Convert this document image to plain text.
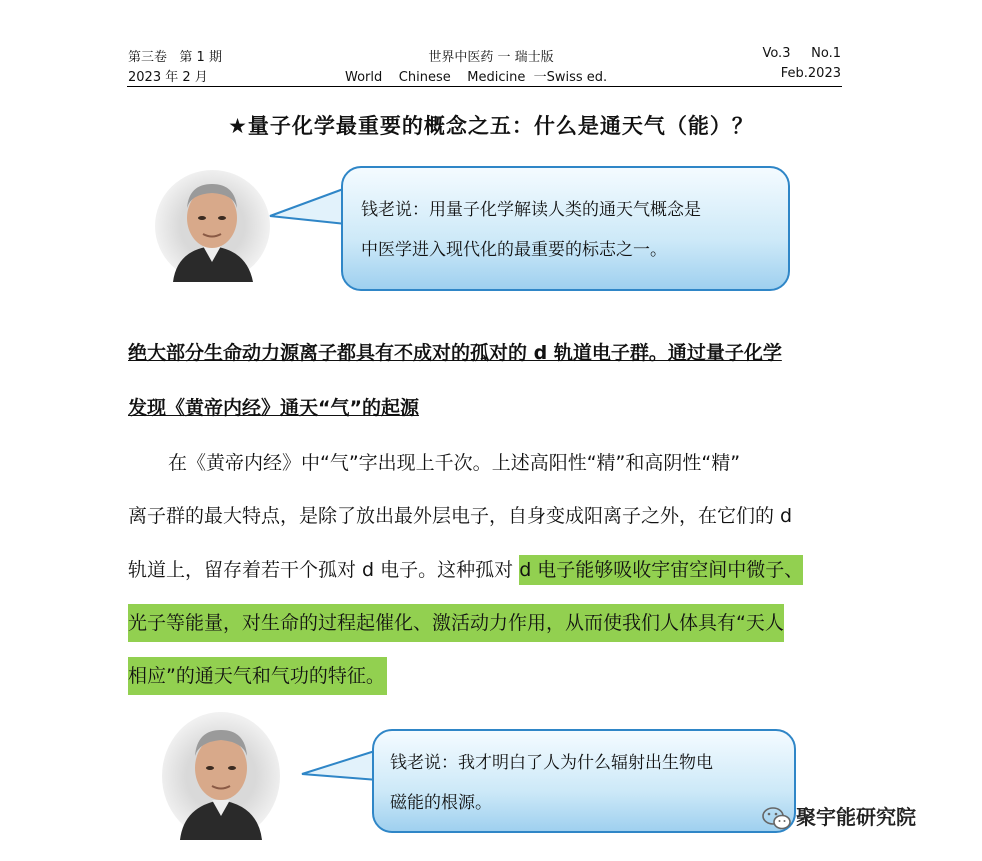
第三卷 第 1 期
2023 年 2 月
世界中医药 一 瑞士版
World    Chinese    Medicine  一Swiss ed.
Vo.3 No.1
Feb.2023
★量子化学最重要的概念之五：什么是通天气（能）？
钱老说：用量子化学解读人类的通天气概念是
中医学进入现代化的最重要的标志之一。
绝大部分生命动力源离子都具有不成对的孤对的 d 轨道电子群。通过量子化学
发现《黄帝内经》通天“气”的起源
在《黄帝内经》中“气”字出现上千次。上述高阳性“精”和高阴性“精”
离子群的最大特点，是除了放出最外层电子，自身变成阳离子之外，在它们的 d
轨道上，留存着若干个孤对 d 电子。这种孤对 d 电子能够吸收宇宙空间中微子、
光子等能量，对生命的过程起催化、激活动力作用，从而使我们人体具有“天人
相应”的通天气和气功的特征。
钱老说：我才明白了人为什么辐射出生物电
磁能的根源。
聚宇能研究院
